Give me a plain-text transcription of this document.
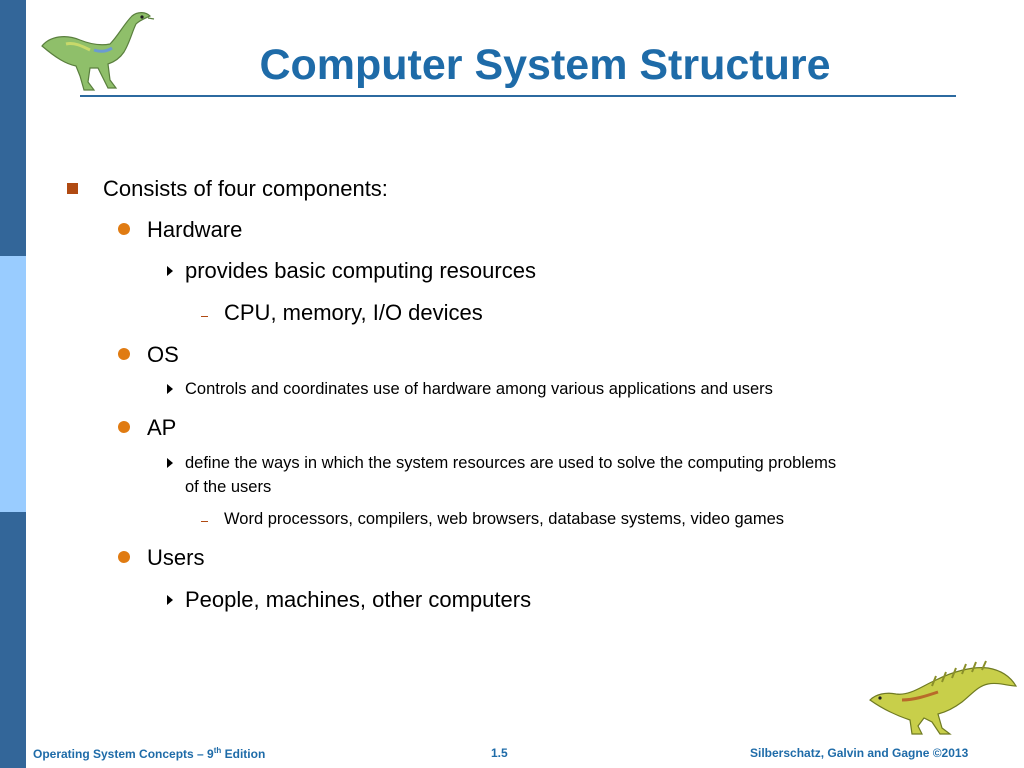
Computer System Structure
Consists of four components:
Hardware
provides basic computing resources
CPU, memory, I/O devices
OS
Controls and coordinates use of hardware among various applications and users
AP
define the ways in which the system resources are used to solve the computing problems
of the users
Word processors, compilers, web browsers, database systems, video games
Users
People, machines, other computers
Operating System Concepts – 9th Edition	1.5	Silberschatz, Galvin and Gagne ©2013
